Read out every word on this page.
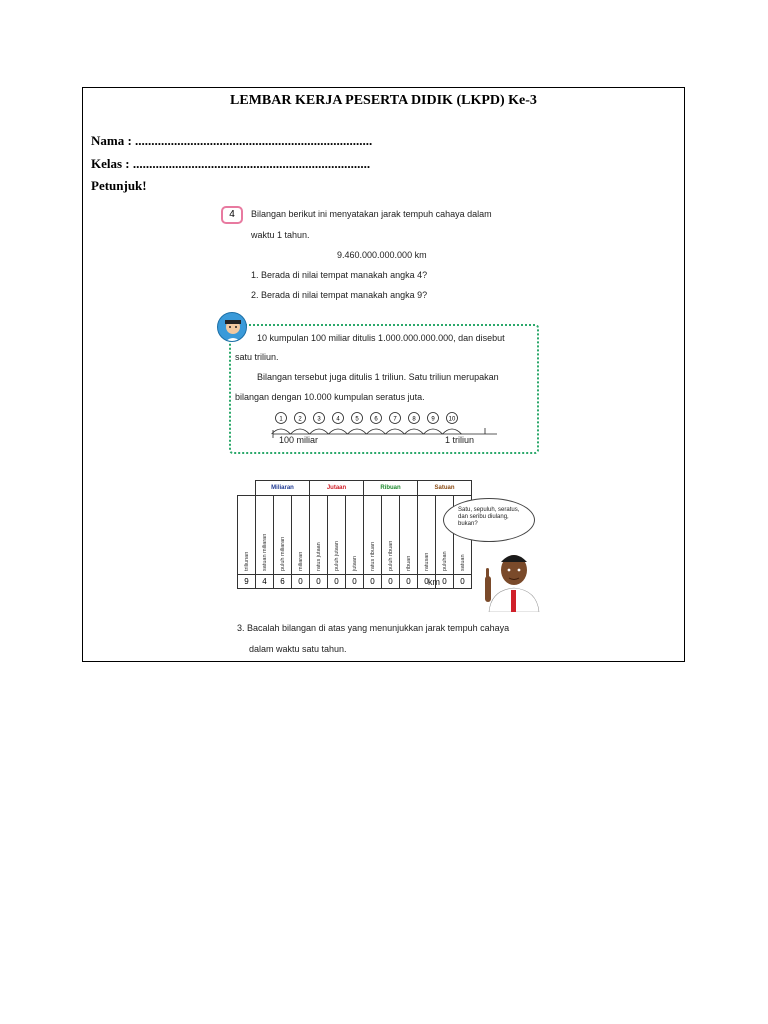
LEMBAR KERJA PESERTA DIDIK (LKPD) Ke-3
Nama : .........................................................................
Kelas : .........................................................................
Petunjuk!
4	Bilangan berikut ini menyatakan jarak tempuh cahaya dalam
waktu 1 tahun.
9.460.000.000.000 km
1. Berada di nilai tempat manakah angka 4?
2. Berada di nilai tempat manakah angka 9?
10 kumpulan 100 miliar ditulis 1.000.000.000.000, dan disebut
satu triliun.
Bilangan tersebut juga ditulis 1 triliun. Satu triliun merupakan
bilangan dengan 10.000 kumpulan seratus juta.
1	2	3	4	5	6	7	8	9 10
100 miliar	1 triliun
	Miliaran			Jutaan			Ribuan			Satuan		

triliunan	satuan miliaran	puluh miliaran	miliaran	ratus jutaan	puluh jutaan	jutaan	ratus ribuan	puluh ribuan	ribuan	ratusan	puluhan	satuan

9	4	6	0	0	0	0	0	0	0	0	0	0
km
Satu, sepuluh, seratus, dan seribu diulang, bukan?
3. Bacalah bilangan di atas yang menunjukkan jarak tempuh cahaya
dalam waktu satu tahun.
